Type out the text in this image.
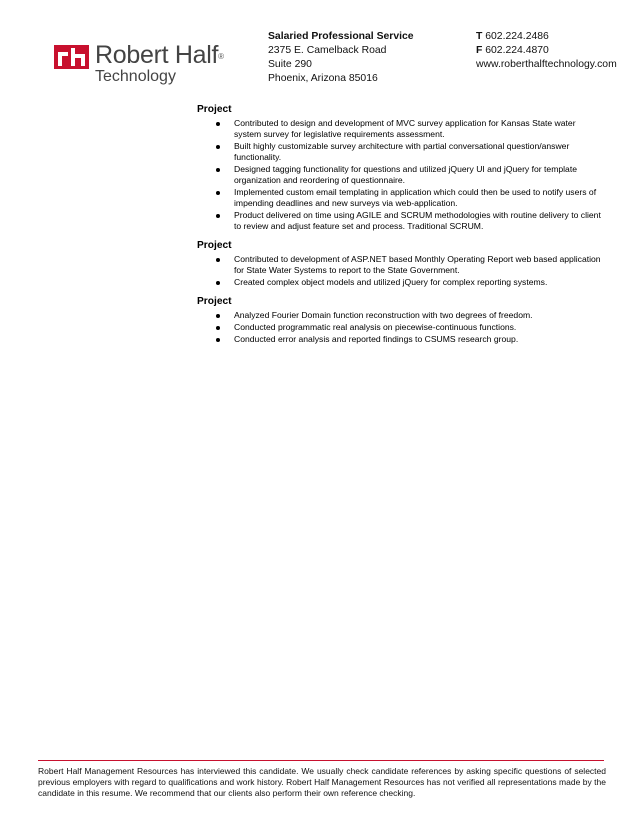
Robert Half®
Technology
Salaried Professional Service
2375 E. Camelback Road
Suite 290
Phoenix, Arizona 85016
T 602.224.2486
F 602.224.4870
www.roberthalftechnology.com
Project
Contributed to design and development of MVC survey application for Kansas State water system survey for legislative requirements assessment.
Built highly customizable survey architecture with partial conversational question/answer functionality.
Designed tagging functionality for questions and utilized jQuery UI and jQuery for template organization and reordering of questionnaire.
Implemented custom email templating in application which could then be used to notify users of impending deadlines and new surveys via web-application.
Product delivered on time using AGILE and SCRUM methodologies with routine delivery to client to review and adjust feature set and process. Traditional SCRUM.
Project
Contributed to development of ASP.NET based Monthly Operating Report web based application for State Water Systems to report to the State Government.
Created complex object models and utilized jQuery for complex reporting systems.
Project
Analyzed Fourier Domain function reconstruction with two degrees of freedom.
Conducted programmatic real analysis on piecewise-continuous functions.
Conducted error analysis and reported findings to CSUMS research group.
Robert Half Management Resources has interviewed this candidate. We usually check candidate references by asking specific questions of selected previous employers with regard to qualifications and work history. Robert Half Management Resources has not verified all representations made by the candidate in this resume. We recommend that our clients also perform their own reference checking.
